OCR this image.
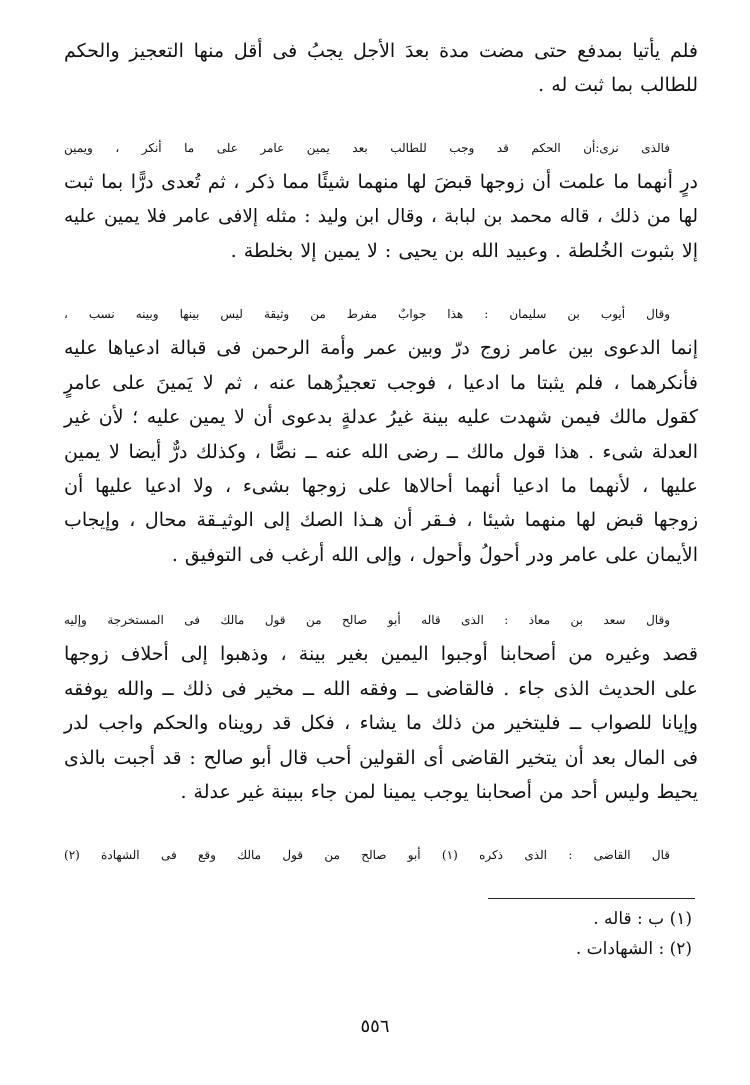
فلم يأتيا بمدفع حتى مضت مدة بعدَ الأجل يجبُ فى أقل منها التعجيز والحكم
للطالب بما ثبت له .
فالذى نرى:أن الحكم قد وجب للطالب بعد يمين عامر على ما أنكر ، ويمين
درٍ أنهما ما علمت أن زوجها قبضَ لها منهما شيئًا مما ذكر ، ثم تُعدى درًّا بما ثبت
لها من ذلك ، قاله محمد بن لبابة ، وقال ابن وليد : مثله إلافى عامر فلا يمين عليه
إلا بثبوت الخُلطة . وعبيد الله بن يحيى : لا يمين إلا بخلطة .
وقال أيوب بن سليمان : هذا جوابٌ مفرط من وثيقة ليس بينها وبينه نسب ،
إنما الدعوى بين عامر زوج درّ وبين عمر وأمة الرحمن فى قبالة ادعياها عليه
فأنكرهما ، فلم يثبتا ما ادعيا ، فوجب تعجيزُهما عنه ، ثم لا يَمينَ على عامرٍ
كقول مالك فيمن شهدت عليه بينة غيرُ عدلةٍ بدعوى أن لا يمين عليه ؛ لأن غير
العدلة شىء . هذا قول مالك ــ رضى الله عنه ــ نصًّا ، وكذلك درٌّ أيضا لا يمين
عليها ، لأنهما ما ادعيا أنهما أحالاها على زوجها بشىء ، ولا ادعيا عليها أن
زوجها قبض لها منهما شيئا ، فـقر أن هـذا الصك إلى الوثيـقة محال ، وإيجاب
الأيمان على عامر ودر أحولُ وأحول ، وإلى الله أرغب فى التوفيق .
وقال سعد بن معاذ : الذى قاله أبو صالح من قول مالك فى المستخرجة وإليه
قصد وغيره من أصحابنا أوجبوا اليمين بغير بينة ، وذهبوا إلى أحلاف زوجها
على الحديث الذى جاء . فالقاضى ــ وفقه الله ــ مخير فى ذلك ــ والله يوفقه
وإيانا للصواب ــ فليتخير من ذلك ما يشاء ، فكل قد رويناه والحكم واجب لدر
فى المال بعد أن يتخير القاضى أى القولين أحب قال أبو صالح : قد أجبت بالذى
يحيط وليس أحد من أصحابنا يوجب يمينا لمن جاء ببينة غير عدلة .
قال القاضى : الذى ذكره (١) أبو صالح من قول مالك وقع فى الشهادة (٢)
(١) ب : قاله .
(٢) : الشهادات .
٥٥٦
